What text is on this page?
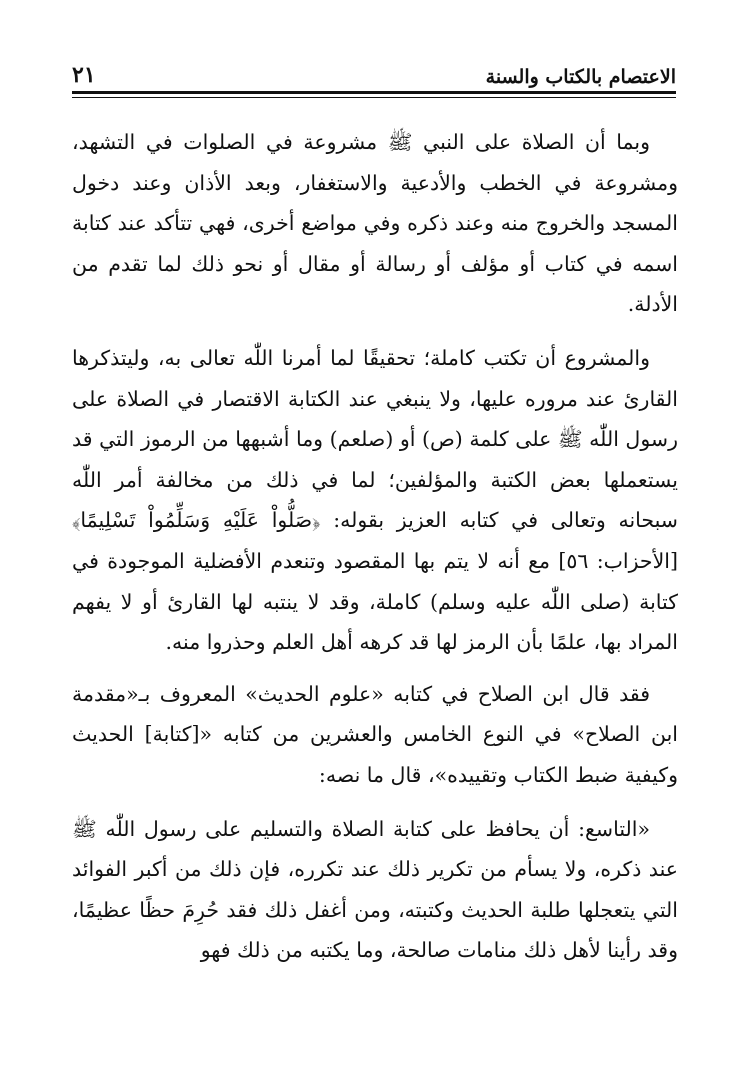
الاعتصام بالكتاب والسنة
٢١

وبما أن الصلاة على النبي ﷺ مشروعة في الصلوات في التشهد، ومشروعة في الخطب والأدعية والاستغفار، وبعد الأذان وعند دخول المسجد والخروج منه وعند ذكره وفي مواضع أخرى، فهي تتأكد عند كتابة اسمه في كتاب أو مؤلف أو رسالة أو مقال أو نحو ذلك لما تقدم من الأدلة.

والمشروع أن تكتب كاملة؛ تحقيقًا لما أمرنا اللّٰه تعالى به، وليتذكرها القارئ عند مروره عليها، ولا ينبغي عند الكتابة الاقتصار في الصلاة على رسول اللّٰه ﷺ على كلمة (ص) أو (صلعم) وما أشبهها من الرموز التي قد يستعملها بعض الكتبة والمؤلفين؛ لما في ذلك من مخالفة أمر اللّٰه سبحانه وتعالى في كتابه العزيز بقوله: ﴿صَلُّواْ عَلَيْهِ وَسَلِّمُواْ تَسْلِيمًا﴾ [الأحزاب: ٥٦] مع أنه لا يتم بها المقصود وتنعدم الأفضلية الموجودة في كتابة (صلى اللّٰه عليه وسلم) كاملة، وقد لا ينتبه لها القارئ أو لا يفهم المراد بها، علمًا بأن الرمز لها قد كرهه أهل العلم وحذروا منه.

فقد قال ابن الصلاح في كتابه «علوم الحديث» المعروف بـ«مقدمة ابن الصلاح» في النوع الخامس والعشرين من كتابه «[كتابة] الحديث وكيفية ضبط الكتاب وتقييده»، قال ما نصه:

«التاسع: أن يحافظ على كتابة الصلاة والتسليم على رسول اللّٰه ﷺ عند ذكره، ولا يسأم من تكرير ذلك عند تكرره، فإن ذلك من أكبر الفوائد التي يتعجلها طلبة الحديث وكتبته، ومن أغفل ذلك فقد حُرِمَ حظًا عظيمًا، وقد رأينا لأهل ذلك منامات صالحة، وما يكتبه من ذلك فهو
